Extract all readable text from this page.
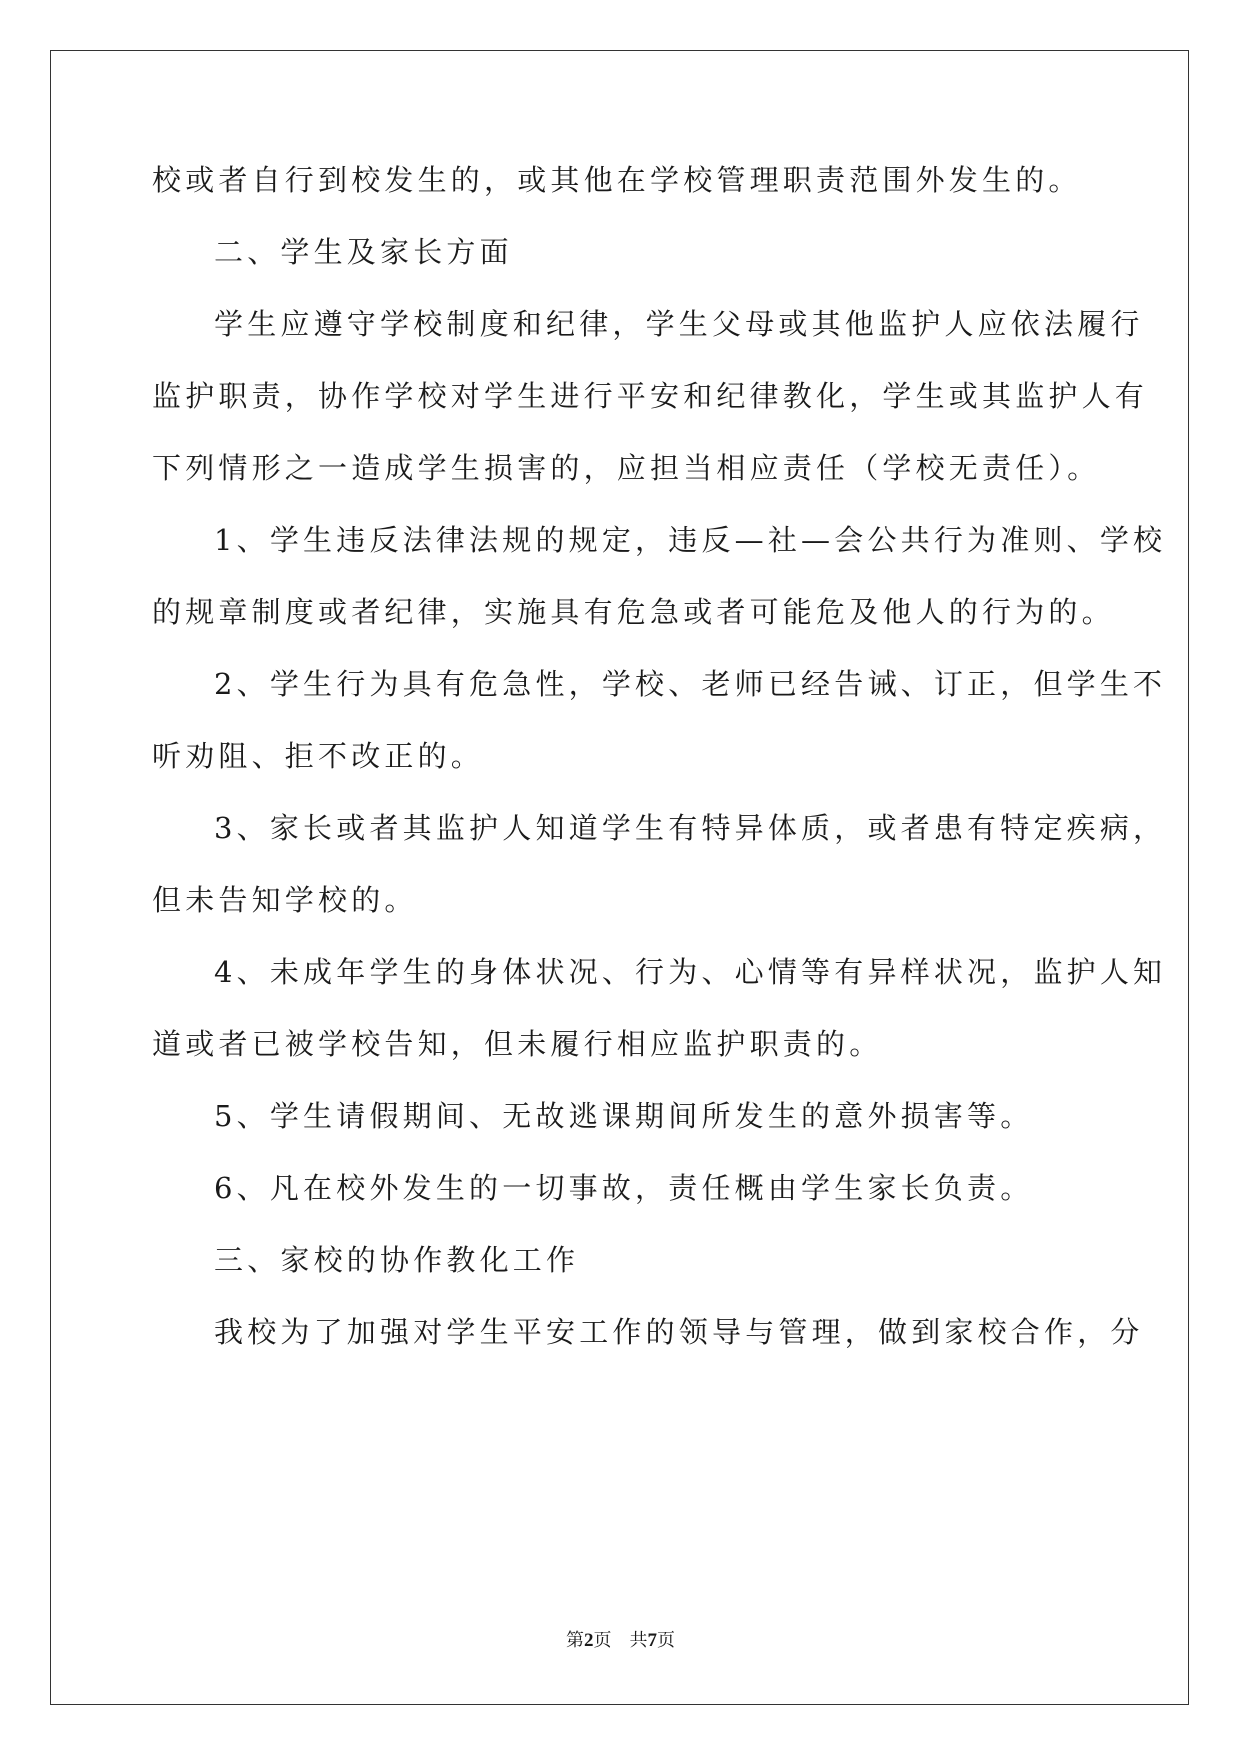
校或者自行到校发生的，或其他在学校管理职责范围外发生的。
二、学生及家长方面
学生应遵守学校制度和纪律，学生父母或其他监护人应依法履行
监护职责，协作学校对学生进行平安和纪律教化，学生或其监护人有
下列情形之一造成学生损害的，应担当相应责任（学校无责任）。
1、学生违反法律法规的规定，违反—社—会公共行为准则、学校
的规章制度或者纪律，实施具有危急或者可能危及他人的行为的。
2、学生行为具有危急性，学校、老师已经告诫、订正，但学生不
听劝阻、拒不改正的。
3、家长或者其监护人知道学生有特异体质，或者患有特定疾病，
但未告知学校的。
4、未成年学生的身体状况、行为、心情等有异样状况，监护人知
道或者已被学校告知，但未履行相应监护职责的。
5、学生请假期间、无故逃课期间所发生的意外损害等。
6、凡在校外发生的一切事故，责任概由学生家长负责。
三、家校的协作教化工作
我校为了加强对学生平安工作的领导与管理，做到家校合作，分
第2页 共7页
